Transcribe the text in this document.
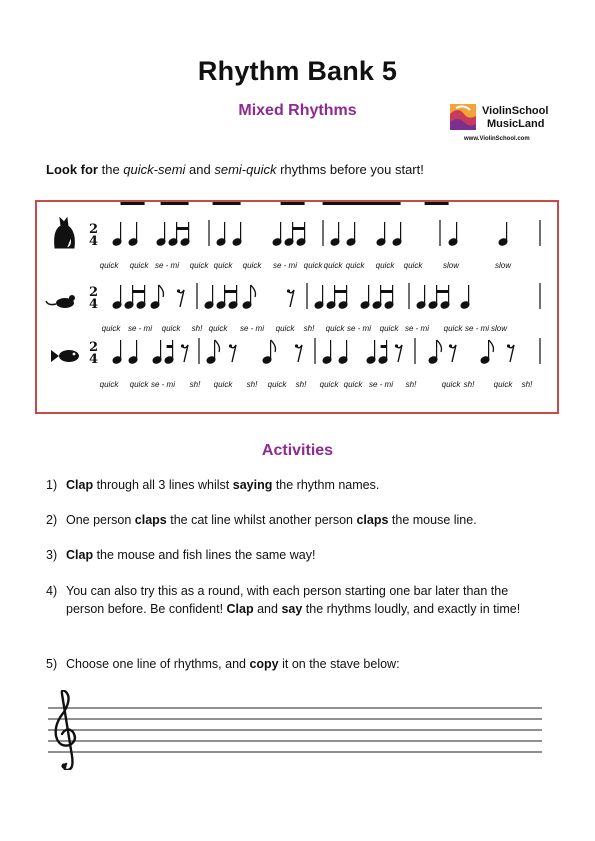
Rhythm Bank 5
Mixed Rhythms	ViolinSchool
MusicLand
www.ViolinSchool.com
Look for the quick-semi and semi-quick rhythms before you start!
2
4
quick quick se - mi quick quick quick se - mi quick quick quick quick quick	slow	slow
2
4
quick se - mi quick sh! quick se - mi quick sh! quick se - mi quick se - mi quick se - mi slow
2
4
quick quick se - mi sh! quick sh! quick sh! quick quick se - mi sh!	quick sh! quick sh!
Activities
1) Clap through all 3 lines whilst saying the rhythm names.
2) One person claps the cat line whilst another person claps the mouse line.
3) Clap the mouse and fish lines the same way!
4) You can also try this as a round, with each person starting one bar later than the person before. Be confident! Clap and say the rhythms loudly, and exactly in time!
5) Choose one line of rhythms, and copy it on the stave below:
